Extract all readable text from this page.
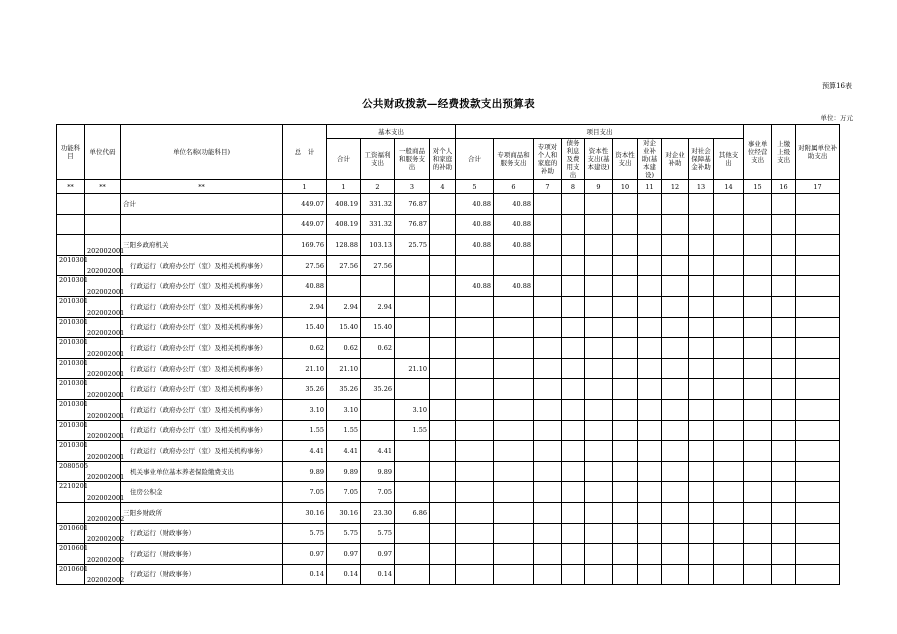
预算16表
公共财政拨款—经费拨款支出预算表
单位：万元
功能科目	单位代码	单位名称(功能科目)	总　计	基本支出				项目支出										事业单位经营支出	上缴上级支出	对附属单位补助支出
				合计	工资福利支出	一般商品和服务支出	对个人和家庭的补助	合计	专项商品和服务支出	专项对个人和家庭的补助	债务利息及费用支出	资本性支出(基本建设)	资本性支出	对企业补助(基本建设)	对企业补助	对社会保障基金补助	其他支出			
**	**	**	1	1	2	3	4	5	6	7	8	9	10	11	12	13	14	15	16	17
		合计	449.07	408.19	331.32	76.87		40.88	40.88											
			449.07	408.19	331.32	76.87		40.88	40.88											
	202002001	三阳乡政府机关	169.76	128.88	103.13	25.75		40.88	40.88											
2010301	202002001	行政运行（政府办公厅（室）及相关机构事务）	27.56	27.56	27.56															
2010301	202002001	行政运行（政府办公厅（室）及相关机构事务）	40.88					40.88	40.88											
2010301	202002001	行政运行（政府办公厅（室）及相关机构事务）	2.94	2.94	2.94															
2010301	202002001	行政运行（政府办公厅（室）及相关机构事务）	15.40	15.40	15.40															
2010301	202002001	行政运行（政府办公厅（室）及相关机构事务）	0.62	0.62	0.62															
2010301	202002001	行政运行（政府办公厅（室）及相关机构事务）	21.10	21.10		21.10														
2010301	202002001	行政运行（政府办公厅（室）及相关机构事务）	35.26	35.26	35.26															
2010301	202002001	行政运行（政府办公厅（室）及相关机构事务）	3.10	3.10		3.10														
2010301	202002001	行政运行（政府办公厅（室）及相关机构事务）	1.55	1.55		1.55														
2010301	202002001	行政运行（政府办公厅（室）及相关机构事务）	4.41	4.41	4.41															
2080505	202002001	机关事业单位基本养老保险缴费支出	9.89	9.89	9.89															
2210201	202002001	住房公积金	7.05	7.05	7.05															
	202002002	三阳乡财政所	30.16	30.16	23.30	6.86														
2010601	202002002	行政运行（财政事务）	5.75	5.75	5.75															
2010601	202002002	行政运行（财政事务）	0.97	0.97	0.97															
2010601	202002002	行政运行（财政事务）	0.14	0.14	0.14															
